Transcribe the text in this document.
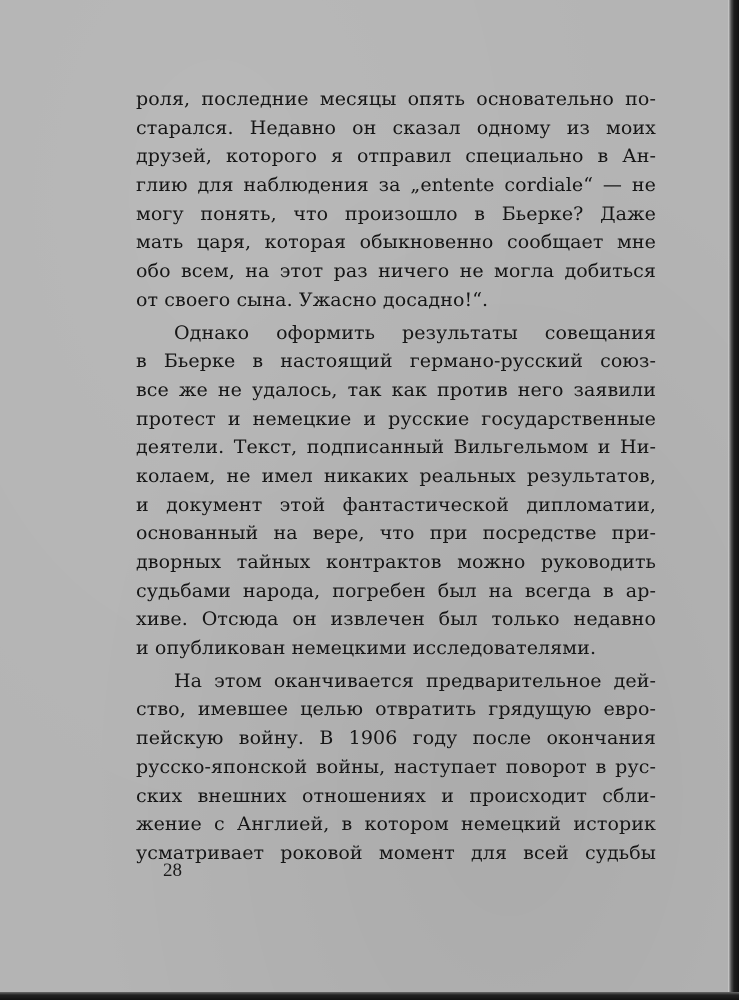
роля, последние месяцы опять основательно по-
старался. Недавно он сказал одному из моих
друзей, которого я отправил специально в Ан-
глию для наблюдения за „entente cordiale“ — не
могу понять, что произошло в Бьерке? Даже
мать царя, которая обыкновенно сообщает мне
обо всем, на этот раз ничего не могла добиться
от своего сына. Ужасно досадно!“.
Однако оформить результаты совещания
в Бьерке в настоящий германо-русский союз-
все же не удалось, так как против него заявили
протест и немецкие и русские государственные
деятели. Текст, подписанный Вильгельмом и Ни-
колаем, не имел никаких реальных результатов,
и документ этой фантастической дипломатии,
основанный на вере, что при посредстве при-
дворных тайных контрактов можно руководить
судьбами народа, погребен был на всегда в ар-
хиве. Отсюда он извлечен был только недавно
и опубликован немецкими исследователями.
На этом оканчивается предварительное дей-
ство, имевшее целью отвратить грядущую евро-
пейскую войну. В 1906 году после окончания
русско-японской войны, наступает поворот в рус-
ских внешних отношениях и происходит сбли-
жение с Англией, в котором немецкий историк
усматривает роковой момент для всей судьбы
28
